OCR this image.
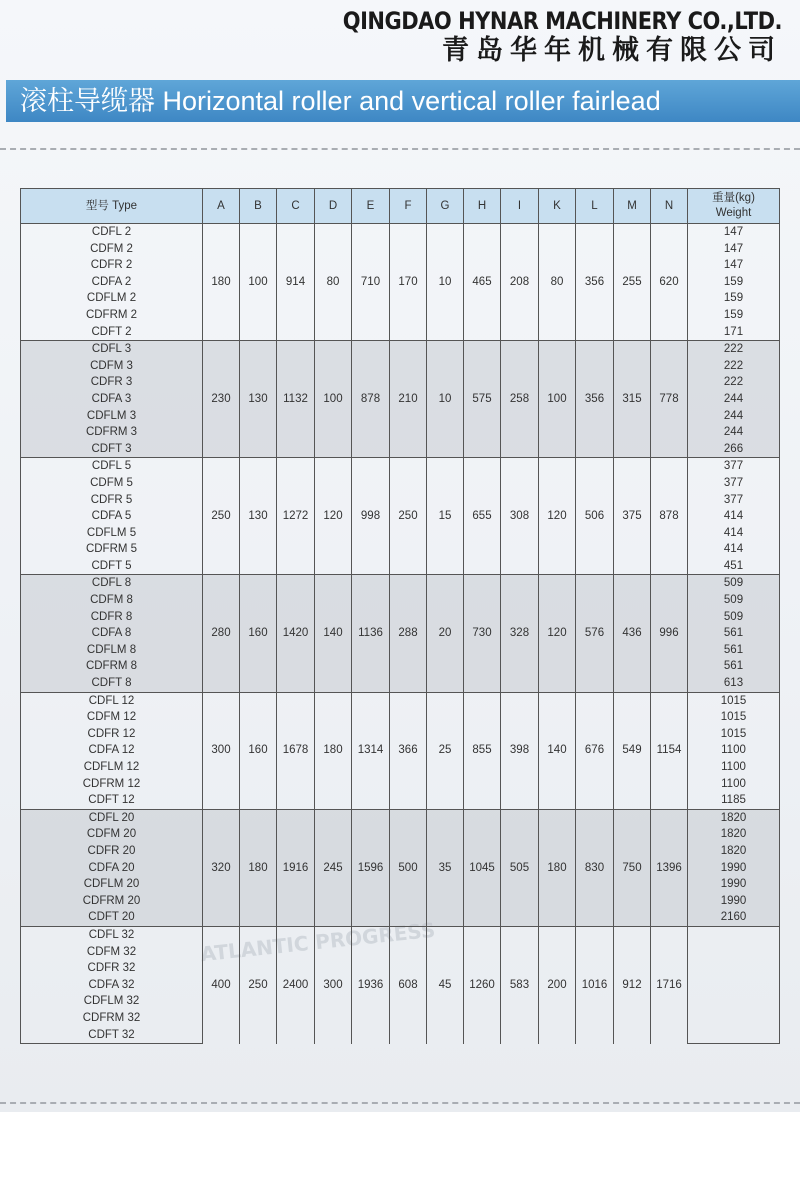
QINGDAO HYNAR MACHINERY CO.,LTD.
青岛华年机械有限公司
滚柱导缆器 Horizontal roller and vertical roller fairlead
ATLANTIC PROGRESS
型号 Type	A	B	C	D	E	F	G	H	I	K	L	M	N	重量(kg)
Weight

CDFL 2	180	100	914	80	710	170	10	465	208	80	356	255	620	147
CDFM 2														147
CDFR 2														147
CDFA 2														159
CDFLM 2														159
CDFRM 2														159
CDFT 2														171
CDFL 3	230	130	1132	100	878	210	10	575	258	100	356	315	778	222
CDFM 3														222
CDFR 3														222
CDFA 3														244
CDFLM 3														244
CDFRM 3														244
CDFT 3														266
CDFL 5	250	130	1272	120	998	250	15	655	308	120	506	375	878	377
CDFM 5														377
CDFR 5														377
CDFA 5														414
CDFLM 5														414
CDFRM 5														414
CDFT 5														451
CDFL 8	280	160	1420	140	1136	288	20	730	328	120	576	436	996	509
CDFM 8														509
CDFR 8														509
CDFA 8														561
CDFLM 8														561
CDFRM 8														561
CDFT 8														613
CDFL 12	300	160	1678	180	1314	366	25	855	398	140	676	549	1154	1015
CDFM 12														1015
CDFR 12														1015
CDFA 12														1100
CDFLM 12														1100
CDFRM 12														1100
CDFT 12														1185
CDFL 20	320	180	1916	245	1596	500	35	1045	505	180	830	750	1396	1820
CDFM 20														1820
CDFR 20														1820
CDFA 20														1990
CDFLM 20														1990
CDFRM 20														1990
CDFT 20														2160
CDFL 32	400	250	2400	300	1936	608	45	1260	583	200	1016	912	1716	
CDFM 32														
CDFR 32														
CDFA 32														
CDFLM 32														
CDFRM 32														
CDFT 32														
